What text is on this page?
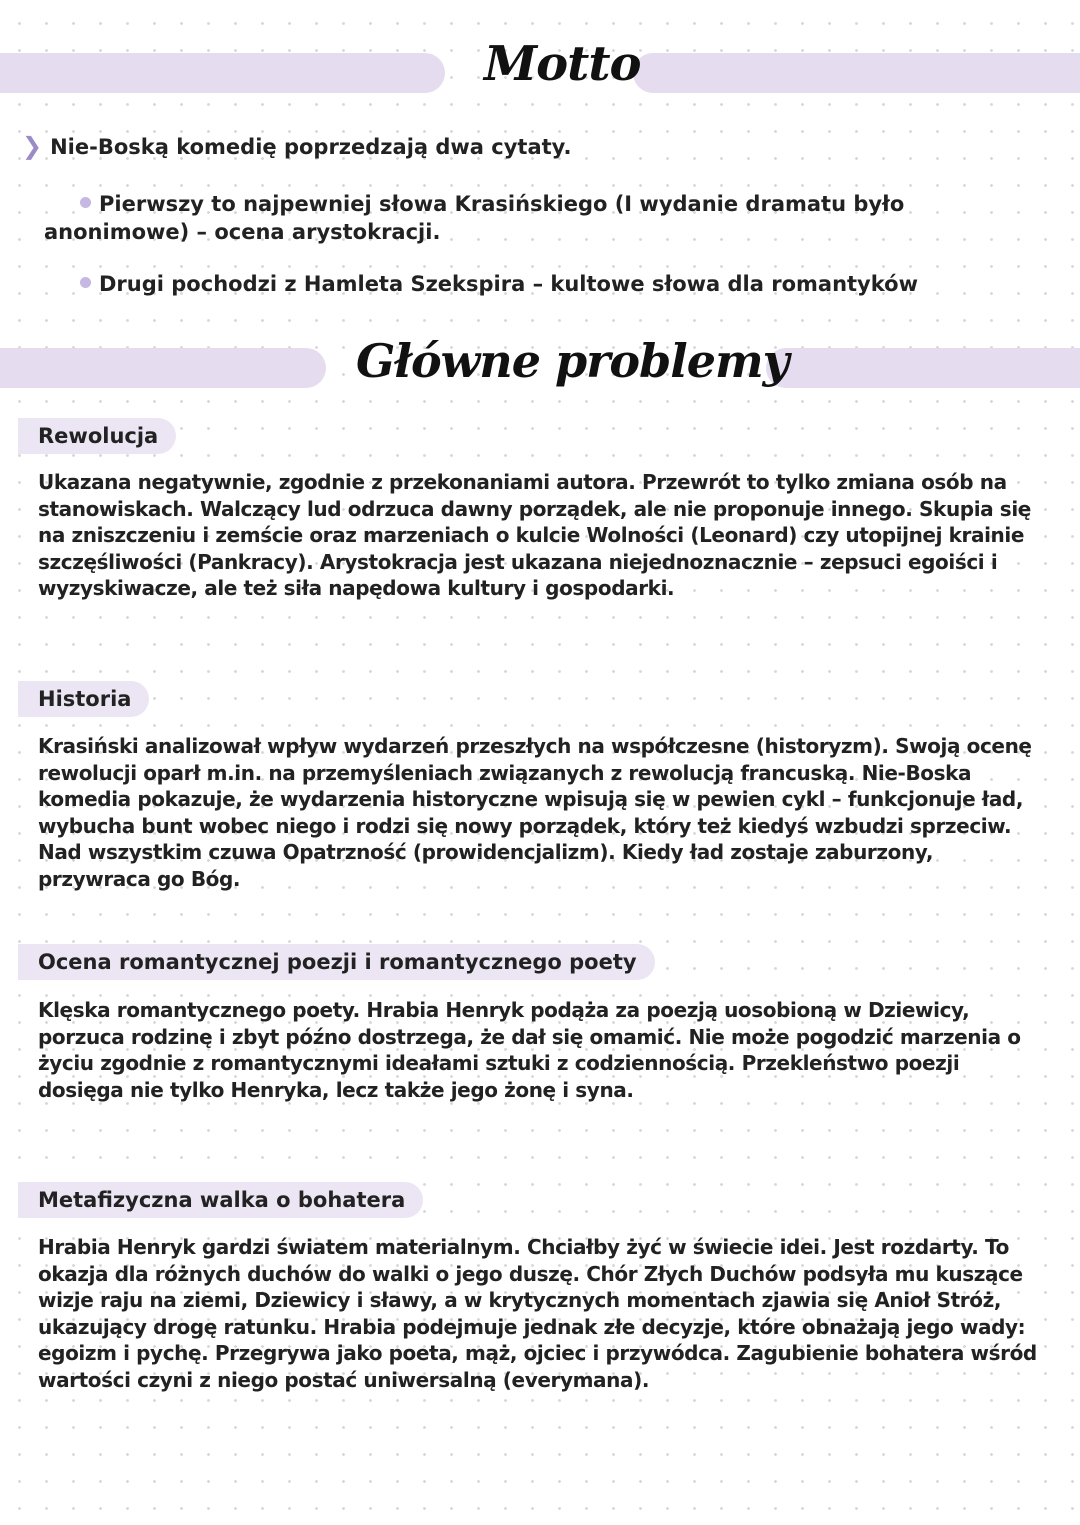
Motto
❯ Nie-Boską komedię poprzedzają dwa cytaty.
Pierwszy to najpewniej słowa Krasińskiego (I wydanie dramatu było anonimowe) – ocena arystokracji.
Drugi pochodzi z Hamleta Szekspira – kultowe słowa dla romantyków
Główne problemy
Rewolucja

Ukazana negatywnie, zgodnie z przekonaniami autora. Przewrót to tylko zmiana osób na stanowiskach. Walczący lud odrzuca dawny porządek, ale nie proponuje innego. Skupia się na zniszczeniu i zemście oraz marzeniach o kulcie Wolności (Leonard) czy utopijnej krainie szczęśliwości (Pankracy). Arystokracja jest ukazana niejednoznacznie – zepsuci egoiści i wyzyskiwacze, ale też siła napędowa kultury i gospodarki.

Historia

Krasiński analizował wpływ wydarzeń przeszłych na współczesne (historyzm). Swoją ocenę rewolucji oparł m.in. na przemyśleniach związanych z rewolucją francuską. Nie-Boska komedia pokazuje, że wydarzenia historyczne wpisują się w pewien cykl – funkcjonuje ład, wybucha bunt wobec niego i rodzi się nowy porządek, który też kiedyś wzbudzi sprzeciw. Nad wszystkim czuwa Opatrzność (prowidencjalizm). Kiedy ład zostaje zaburzony, przywraca go Bóg.

Ocena romantycznej poezji i romantycznego poety

Klęska romantycznego poety. Hrabia Henryk podąża za poezją uosobioną w Dziewicy, porzuca rodzinę i zbyt późno dostrzega, że dał się omamić. Nie może pogodzić marzenia o życiu zgodnie z romantycznymi ideałami sztuki z codziennością. Przekleństwo poezji dosięga nie tylko Henryka, lecz także jego żonę i syna.

Metafizyczna walka o bohatera

Hrabia Henryk gardzi światem materialnym. Chciałby żyć w świecie idei. Jest rozdarty. To okazja dla różnych duchów do walki o jego duszę. Chór Złych Duchów podsyła mu kuszące wizje raju na ziemi, Dziewicy i sławy, a w krytycznych momentach zjawia się Anioł Stróż, ukazujący drogę ratunku. Hrabia podejmuje jednak złe decyzje, które obnażają jego wady: egoizm i pychę. Przegrywa jako poeta, mąż, ojciec i przywódca. Zagubienie bohatera wśród wartości czyni z niego postać uniwersalną (everymana).
